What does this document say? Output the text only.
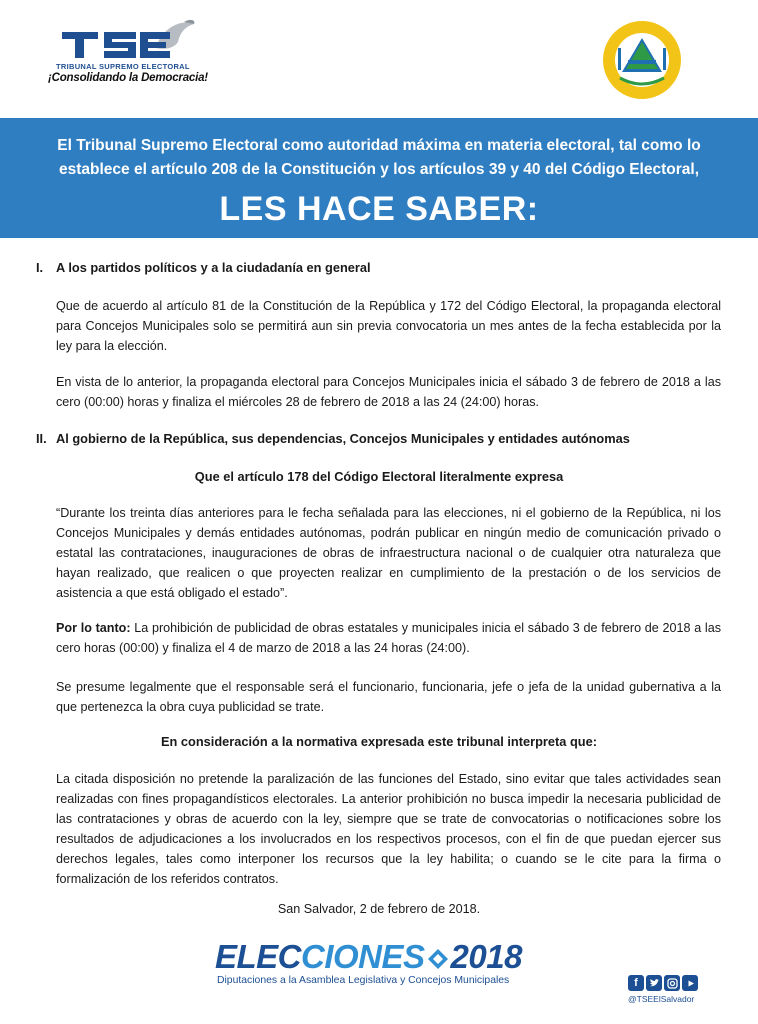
TRIBUNAL SUPREMO ELECTORAL
¡Consolidando la Democracia!
El Tribunal Supremo Electoral como autoridad máxima en materia electoral, tal como lo
establece el artículo 208 de la Constitución y los artículos 39 y 40 del Código Electoral,
LES HACE SABER:
I. A los partidos políticos y a la ciudadanía en general
Que de acuerdo al artículo 81 de la Constitución de la República y 172 del Código Electoral, la propaganda electoral para Concejos Municipales solo se permitirá aun sin previa convocatoria un mes antes de la fecha establecida por la ley para la elección.
En vista de lo anterior, la propaganda electoral para Concejos Municipales inicia el sábado 3 de febrero de 2018 a las cero (00:00) horas y finaliza el miércoles 28 de febrero de 2018 a las 24 (24:00) horas.
II. Al gobierno de la República, sus dependencias, Concejos Municipales y entidades autónomas
Que el artículo 178 del Código Electoral literalmente expresa
“Durante los treinta días anteriores para le fecha señalada para las elecciones, ni el gobierno de la República, ni los Concejos Municipales y demás entidades autónomas, podrán publicar en ningún medio de comunicación privado o estatal las contrataciones, inauguraciones de obras de infraestructura nacional o de cualquier otra naturaleza que hayan realizado, que realicen o que proyecten realizar en cumplimiento de la prestación o de los servicios de asistencia a que está obligado el estado”.
Por lo tanto: La prohibición de publicidad de obras estatales y municipales inicia el sábado 3 de febrero de 2018 a las cero horas (00:00) y finaliza el 4 de marzo de 2018 a las 24 horas (24:00).
Se presume legalmente que el responsable será el funcionario, funcionaria, jefe o jefa de la unidad gubernativa a la que pertenezca la obra cuya publicidad se trate.
En consideración a la normativa expresada este tribunal interpreta que:
La citada disposición no pretende la paralización de las funciones del Estado, sino evitar que tales actividades sean realizadas con fines propagandísticos electorales. La anterior prohibición no busca impedir la necesaria publicidad de las contrataciones y obras de acuerdo con la ley, siempre que se trate de convocatorias o notificaciones sobre los resultados de adjudicaciones a los involucrados en los respectivos procesos, con el fin de que puedan ejercer sus derechos legales, tales como interponer los recursos que la ley habilita; o cuando se le cite para la firma o formalización de los referidos contratos.
San Salvador, 2 de febrero de 2018.
ELECCIONES 2018
Diputaciones a la Asamblea Legislativa y Concejos Municipales	f
@TSEElSalvador
